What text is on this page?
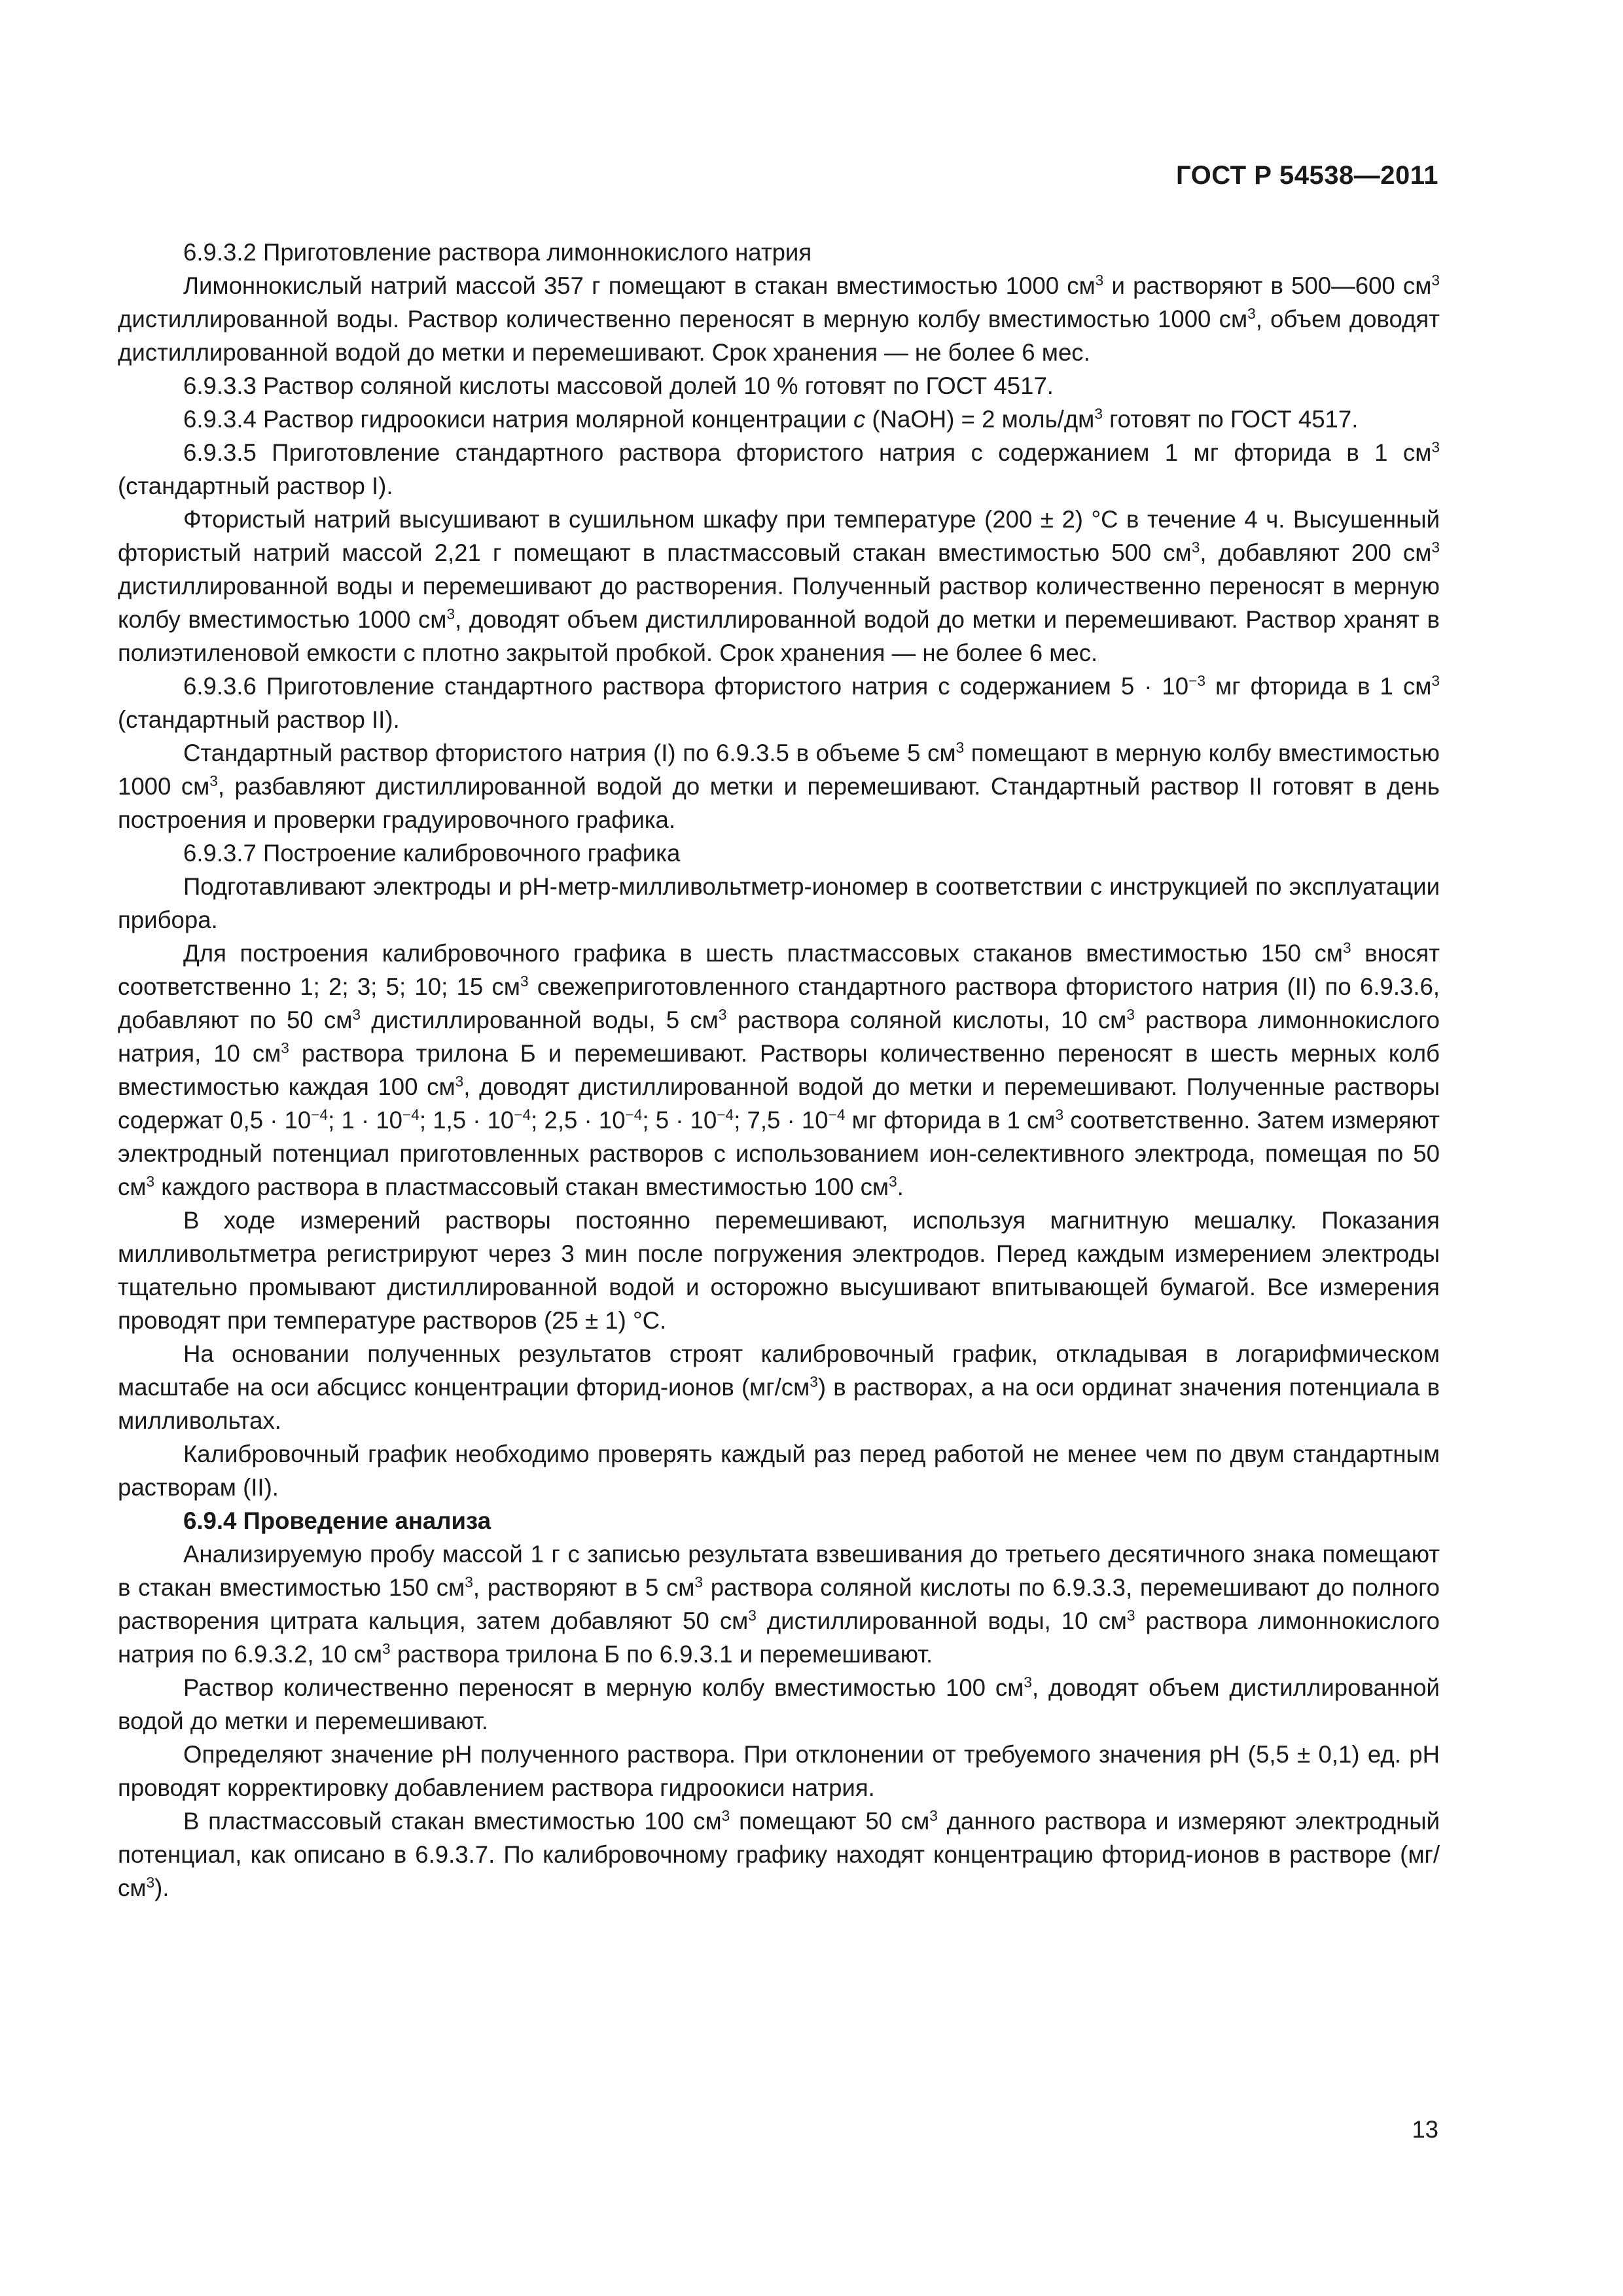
ГОСТ Р 54538—2011

6.9.3.2 Приготовление раствора лимоннокислого натрия

Лимоннокислый натрий массой 357 г помещают в стакан вместимостью 1000 $см^3$ и растворяют в 500—600 $см^3$ дистиллированной воды. Раствор количественно переносят в мерную колбу вместимостью 1000 $см^3$, объем доводят дистиллированной водой до метки и перемешивают. Срок хранения — не более 6 мес.

6.9.3.3 Раствор соляной кислоты массовой долей 10 % готовят по ГОСТ 4517.

6.9.3.4 Раствор гидроокиси натрия молярной концентрации с (NaOH) = 2 моль/$дм^3$ готовят по ГОСТ 4517.

6.9.3.5 Приготовление стандартного раствора фтористого натрия с содержанием 1 мг фторида в 1 $см^3$ (стандартный раствор I).

Фтористый натрий высушивают в сушильном шкафу при температуре (200 ± 2) °С в течение 4 ч. Высушенный фтористый натрий массой 2,21 г помещают в пластмассовый стакан вместимостью 500 $см^3$, добавляют 200 $см^3$ дистиллированной воды и перемешивают до растворения. Полученный раствор количественно переносят в мерную колбу вместимостью 1000 $см^3$, доводят объем дистиллированной водой до метки и перемешивают. Раствор хранят в полиэтиленовой емкости с плотно закрытой пробкой. Срок хранения — не более 6 мес.

6.9.3.6 Приготовление стандартного раствора фтористого натрия с содержанием $5 \cdot 10^{-3}$ мг фторида в 1 $см^3$ (стандартный раствор II).

Стандартный раствор фтористого натрия (I) по 6.9.3.5 в объеме 5 $см^3$ помещают в мерную колбу вместимостью 1000 $см^3$, разбавляют дистиллированной водой до метки и перемешивают. Стандартный раствор II готовят в день построения и проверки градуировочного графика.

6.9.3.7 Построение калибровочного графика

Подготавливают электроды и рН-метр-милливольтметр-иономер в соответствии с инструкцией по эксплуатации прибора.

Для построения калибровочного графика в шесть пластмассовых стаканов вместимостью 150 $см^3$ вносят соответственно 1; 2; 3; 5; 10; 15 $см^3$ свежеприготовленного стандартного раствора фтористого натрия (II) по 6.9.3.6, добавляют по 50 $см^3$ дистиллированной воды, 5 $см^3$ раствора соляной кислоты, 10 $см^3$ раствора лимоннокислого натрия, 10 $см^3$ раствора трилона Б и перемешивают. Растворы количественно переносят в шесть мерных колб вместимостью каждая 100 $см^3$, доводят дистиллированной водой до метки и перемешивают. Полученные растворы содержат $0,5 \cdot 10^{-4}$; $1 \cdot 10^{-4}$; $1,5 \cdot 10^{-4}$; $2,5 \cdot 10^{-4}$; $5 \cdot 10^{-4}$; $7,5 \cdot 10^{-4}$ мг фторида в 1 $см^3$ соответственно. Затем измеряют электродный потенциал приготовленных растворов с использованием ион-селективного электрода, помещая по 50 $см^3$ каждого раствора в пластмассовый стакан вместимостью 100 $см^3$.

В ходе измерений растворы постоянно перемешивают, используя магнитную мешалку. Показания милливольтметра регистрируют через 3 мин после погружения электродов. Перед каждым измерением электроды тщательно промывают дистиллированной водой и осторожно высушивают впитывающей бумагой. Все измерения проводят при температуре растворов (25 ± 1) °С.

На основании полученных результатов строят калибровочный график, откладывая в логарифмическом масштабе на оси абсцисс концентрации фторид-ионов $(мг/см^3)$ в растворах, а на оси ординат значения потенциала в милливольтах.

Калибровочный график необходимо проверять каждый раз перед работой не менее чем по двум стандартным растворам (II).

6.9.4 Проведение анализа

Анализируемую пробу массой 1 г с записью результата взвешивания до третьего десятичного знака помещают в стакан вместимостью 150 $см^3$, растворяют в 5 $см^3$ раствора соляной кислоты по 6.9.3.3, перемешивают до полного растворения цитрата кальция, затем добавляют 50 $см^3$ дистиллированной воды, 10 $см^3$ раствора лимоннокислого натрия по 6.9.3.2, 10 $см^3$ раствора трилона Б по 6.9.3.1 и перемешивают.

Раствор количественно переносят в мерную колбу вместимостью 100 $см^3$, доводят объем дистиллированной водой до метки и перемешивают.

Определяют значение рН полученного раствора. При отклонении от требуемого значения рН (5,5 ± 0,1) ед. рН проводят корректировку добавлением раствора гидроокиси натрия.

В пластмассовый стакан вместимостью 100 $см^3$ помещают 50 $см^3$ данного раствора и измеряют электродный потенциал, как описано в 6.9.3.7. По калибровочному графику находят концентрацию фторид-ионов в растворе $(мг/см^3)$.

13
